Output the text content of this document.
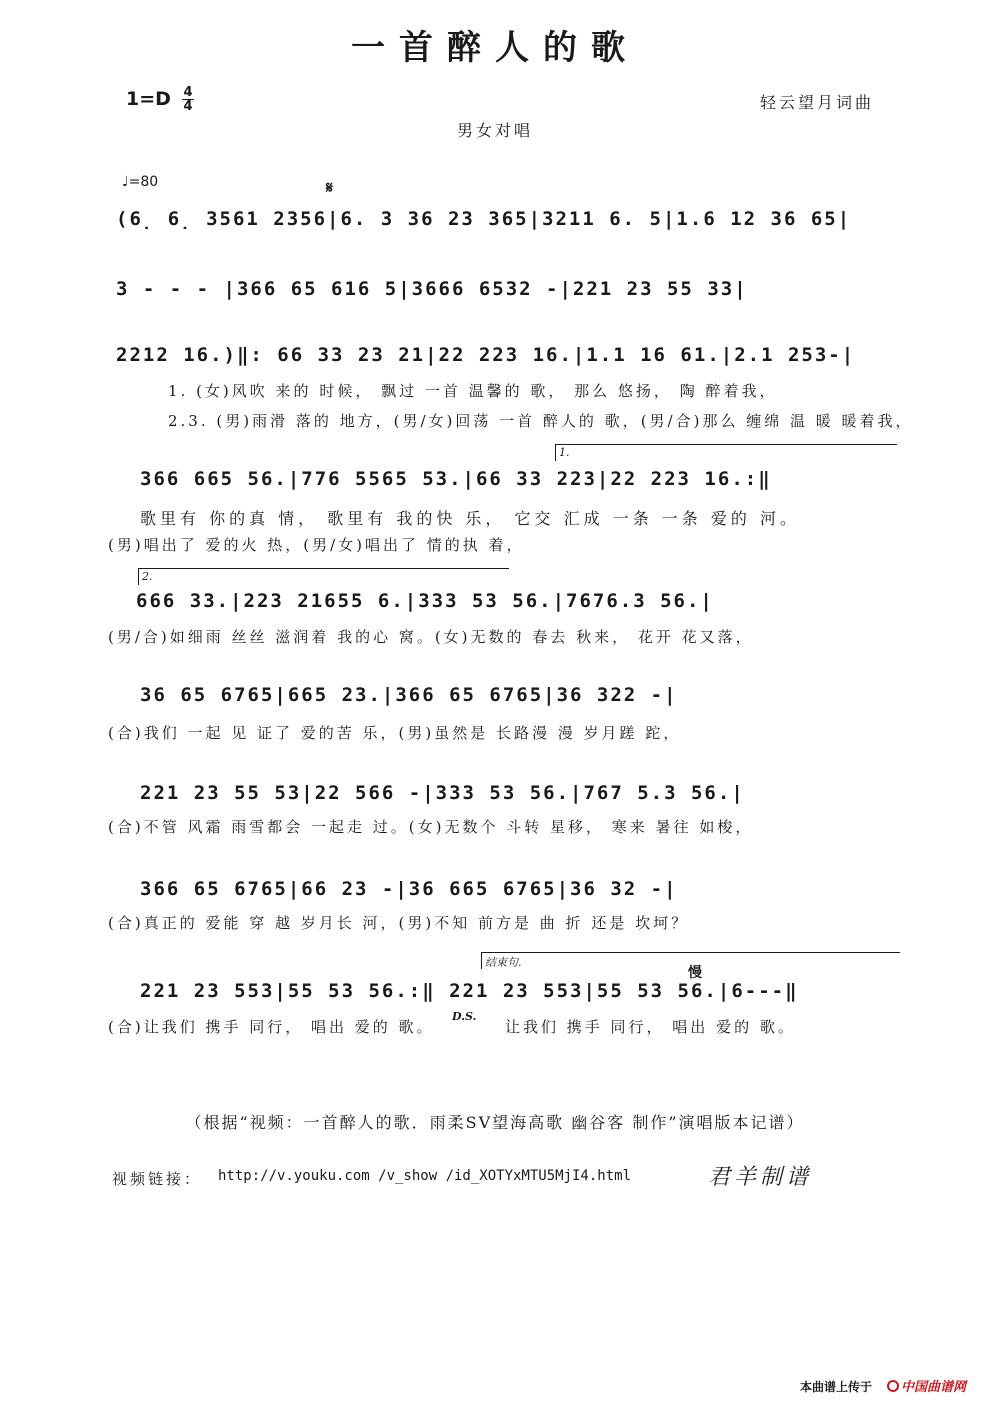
一首醉人的歌
1=D 4
4	轻云望月词曲
男女对唱
♩=80	𝄋
(6̣ 6̣ 3561 2356|6. 3 36 23 365|3211 6. 5|1.6 12 36 65|
3 - - - |366 65 616 5|3666 6532 -|221 23 55 33|
2212 16.)‖: 66 33 23 21|22 223 16.|1.1 16 61.|2.1 253-|
1. (女)风吹 来的 时候， 飘过 一首 温馨的 歌， 那么 悠扬， 陶 醉着我，
2.3. (男)雨滑 落的 地方，(男/女)回荡 一首 醉人的 歌，(男/合)那么 缠绵 温 暖 暖着我，
1.
366 665 56.|776 5565 53.|66 33 223|22 223 16.:‖
歌里有 你的真 情， 歌里有 我的快 乐， 它交 汇成 一条 一条 爱的 河。
(男)唱出了 爱的火 热，(男/女)唱出了 情的执 着，
2.
666 33.|223 21655 6.|333 53 56.|7676.3 56.|
(男/合)如细雨 丝丝 滋润着 我的心 窝。(女)无数的 春去 秋来， 花开 花又落，
36 65 6765|665 23.|366 65 6765|36 322 -|
(合)我们 一起 见 证了 爱的苦 乐，(男)虽然是 长路漫 漫 岁月蹉 跎，
221 23 55 53|22 566 -|333 53 56.|767 5.3 56.|
(合)不管 风霜 雨雪都会 一起走 过。(女)无数个 斗转 星移， 寒来 暑往 如梭，
366 65 6765|66 23 -|36 665 6765|36 32 -|
(合)真正的 爱能 穿 越 岁月长 河，(男)不知 前方是 曲 折 还是 坎坷？
结束句.
慢
221 23 553|55 53 56.:‖ 221 23 553|55 53 56.|6---‖
(合)让我们 携手 同行， 唱出 爱的 歌。
D.S.
让我们 携手 同行， 唱出 爱的 歌。
（根据“视频：一首醉人的歌．雨柔SV望海高歌 幽谷客 制作”演唱版本记谱）
视频链接： http://v.youku.com /v_show /id_XOTYxMTU5MjI4.html	君羊制谱
本曲谱上传于	中国曲谱网
